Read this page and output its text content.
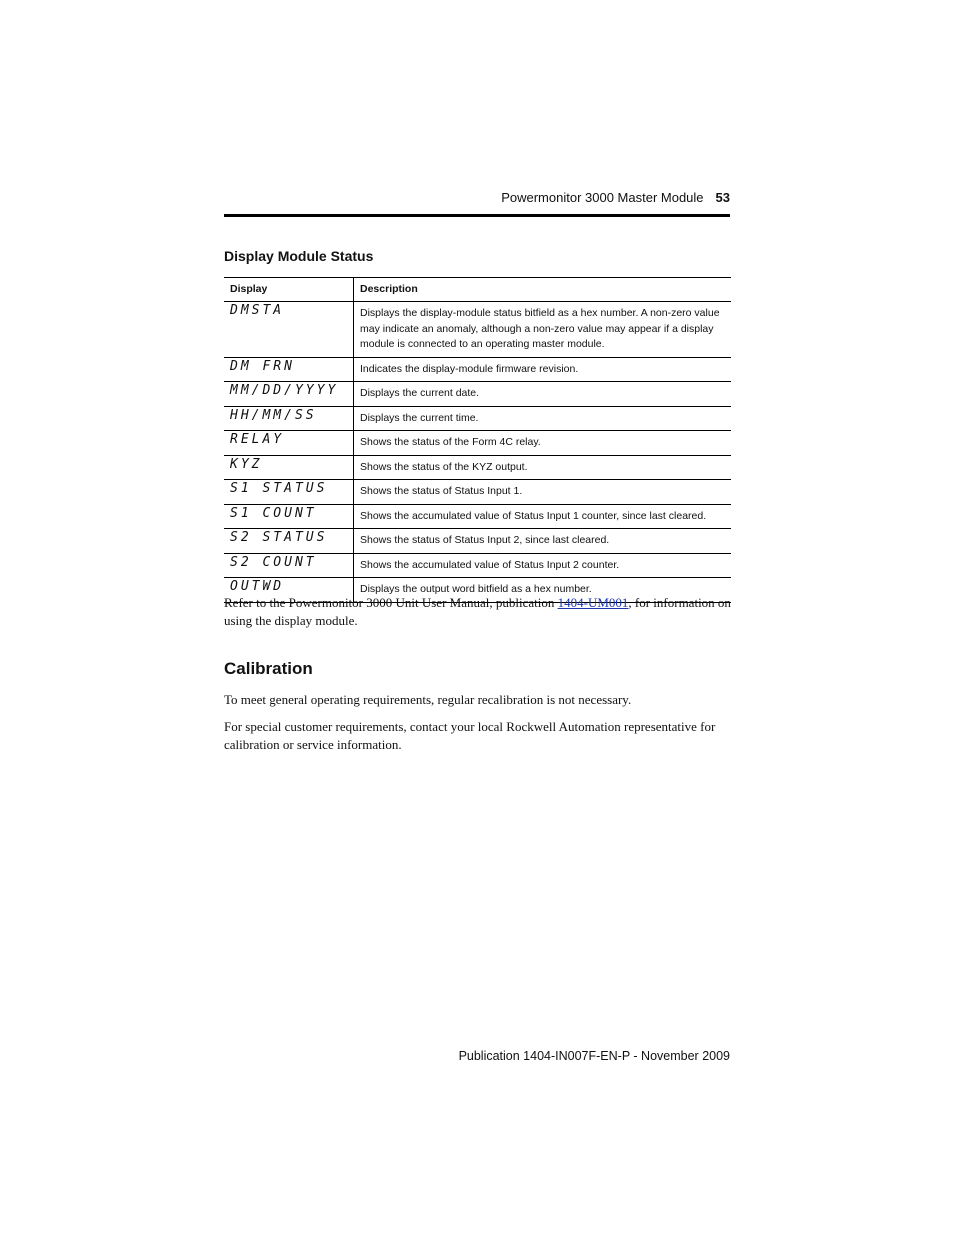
Powermonitor 3000 Master Module 53
Display Module Status
Display	Description

DMSTA	Displays the display-module status bitfield as a hex number. A non-zero value may indicate an anomaly, although a non-zero value may appear if a display module is connected to an operating master module.

DM FRN	Indicates the display-module firmware revision.

MM/DD/YYYY	Displays the current date.

HH/MM/SS	Displays the current time.

RELAY	Shows the status of the Form 4C relay.

KYZ	Shows the status of the KYZ output.

S1 STATUS	Shows the status of Status Input 1.

S1 COUNT	Shows the accumulated value of Status Input 1 counter, since last cleared.

S2 STATUS	Shows the status of Status Input 2, since last cleared.

S2 COUNT	Shows the accumulated value of Status Input 2 counter.

OUTWD	Displays the output word bitfield as a hex number.

Refer to the Powermonitor 3000 Unit User Manual, publication 1404-UM001, for information on using the display module.

Calibration

To meet general operating requirements, regular recalibration is not necessary.

For special customer requirements, contact your local Rockwell Automation representative for calibration or service information.

Publication 1404-IN007F-EN-P - November 2009
